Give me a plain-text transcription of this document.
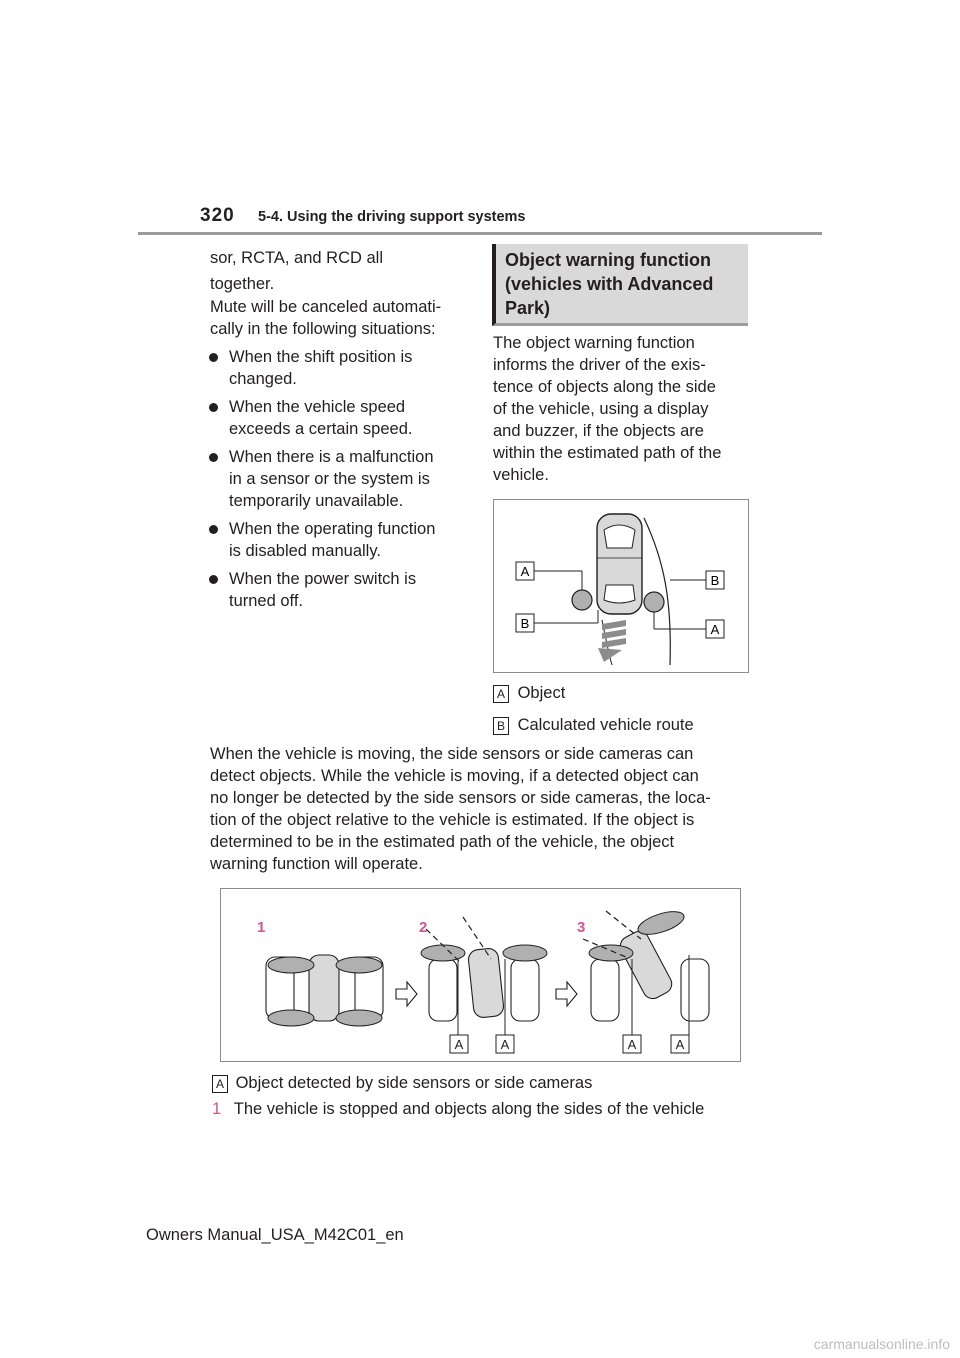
320 5-4. Using the driving support systems
sor, RCTA, and RCD all
together.
Mute will be canceled automati-
cally in the following situations:
When the shift position is
changed.
When the vehicle speed
exceeds a certain speed.
When there is a malfunction
in a sensor or the system is
temporarily unavailable.
When the operating function
is disabled manually.
When the power switch is
turned off.
Object warning function
(vehicles with Advanced
Park)
The object warning function
informs the driver of the exis-
tence of objects along the side
of the vehicle, using a display
and buzzer, if the objects are
within the estimated path of the
vehicle.
A
B
B
A
A Object
B Calculated vehicle route
When the vehicle is moving, the side sensors or side cameras can
detect objects. While the vehicle is moving, if a detected object can
no longer be detected by the side sensors or side cameras, the loca-
tion of the object relative to the vehicle is estimated. If the object is
determined to be in the estimated path of the vehicle, the object
warning function will operate.
1	2	3
A	A	A	A
A Object detected by side sensors or side cameras
1 The vehicle is stopped and objects along the sides of the vehicle
Owners Manual_USA_M42C01_en
carmanualsonline.info
